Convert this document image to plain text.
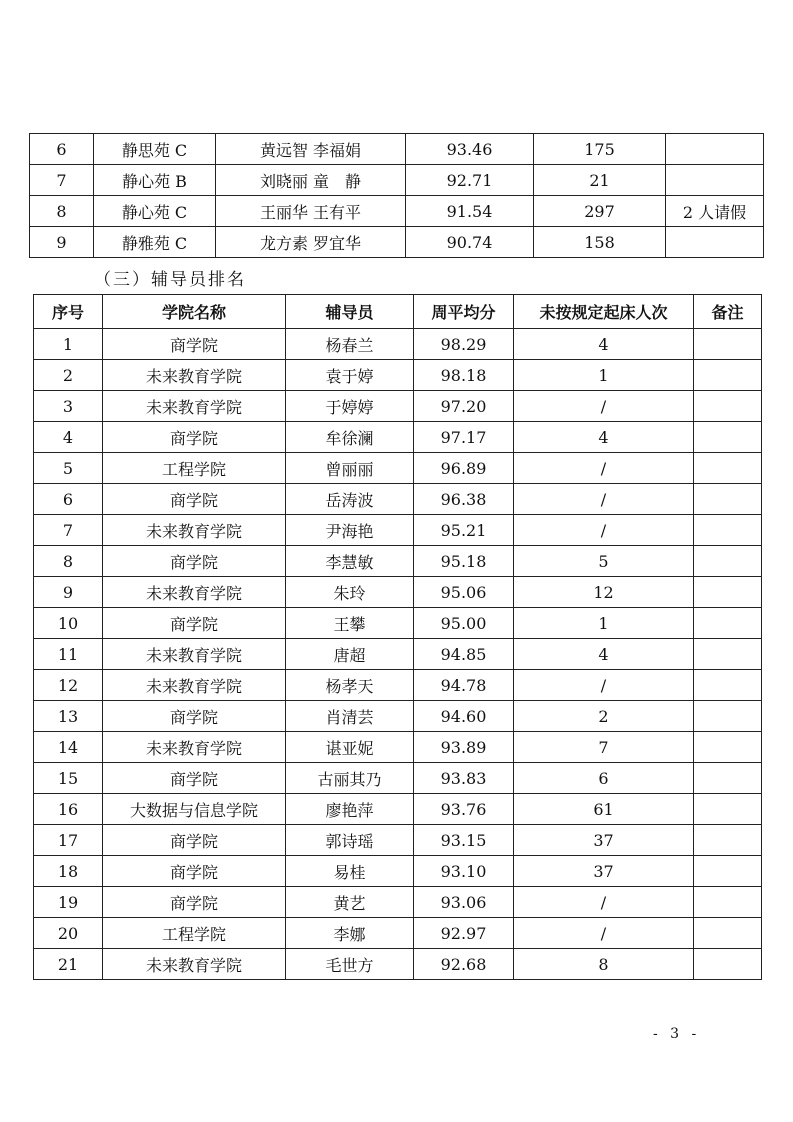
6	静思苑 C	黄远智 李福娟	93.46	175	
7	静心苑 B	刘晓丽 童　静	92.71	21	
8	静心苑 C	王丽华 王有平	91.54	297	2 人请假
9	静雅苑 C	龙方素 罗宜华	90.74	158	
（三）辅导员排名
序号	学院名称	辅导员	周平均分	未按规定起床人次	备注
1	商学院	杨春兰	98.29	4	
2	未来教育学院	袁于婷	98.18	1	
3	未来教育学院	于婷婷	97.20	/	
4	商学院	牟徐澜	97.17	4	
5	工程学院	曾丽丽	96.89	/	
6	商学院	岳涛波	96.38	/	
7	未来教育学院	尹海艳	95.21	/	
8	商学院	李慧敏	95.18	5	
9	未来教育学院	朱玲	95.06	12	
10	商学院	王攀	95.00	1	
11	未来教育学院	唐超	94.85	4	
12	未来教育学院	杨孝天	94.78	/	
13	商学院	肖清芸	94.60	2	
14	未来教育学院	谌亚妮	93.89	7	
15	商学院	古丽其乃	93.83	6	
16	大数据与信息学院	廖艳萍	93.76	61	
17	商学院	郭诗瑶	93.15	37	
18	商学院	易桂	93.10	37	
19	商学院	黄艺	93.06	/	
20	工程学院	李娜	92.97	/	
21	未来教育学院	毛世方	92.68	8	
- 3 -
